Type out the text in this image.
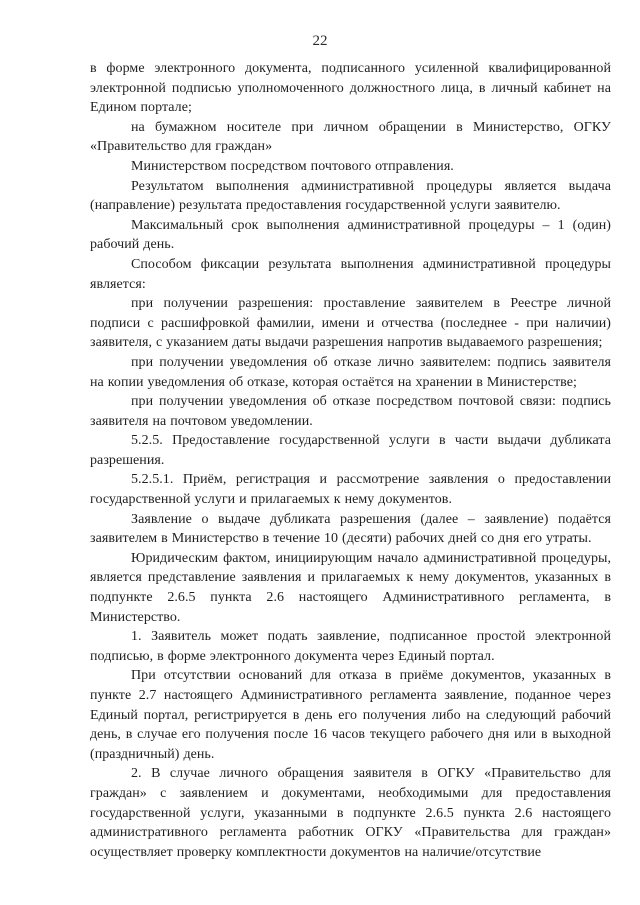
22

в форме электронного документа, подписанного усиленной квалифицированной электронной подписью уполномоченного должностного лица, в личный кабинет на Едином портале;

на бумажном носителе при личном обращении в Министерство, ОГКУ «Правительство для граждан»

Министерством посредством почтового отправления.

Результатом выполнения административной процедуры является выдача (направление) результата предоставления государственной услуги заявителю.

Максимальный срок выполнения административной процедуры – 1 (один) рабочий день.

Способом фиксации результата выполнения административной процедуры является:

при получении разрешения: проставление заявителем в Реестре личной подписи с расшифровкой фамилии, имени и отчества (последнее - при наличии) заявителя, с указанием даты выдачи разрешения напротив выдаваемого разрешения;

при получении уведомления об отказе лично заявителем: подпись заявителя на копии уведомления об отказе, которая остаётся на хранении в Министерстве;

при получении уведомления об отказе посредством почтовой связи: подпись заявителя на почтовом уведомлении.

5.2.5. Предоставление государственной услуги в части выдачи дубликата разрешения.

5.2.5.1. Приём, регистрация и рассмотрение заявления о предоставлении государственной услуги и прилагаемых к нему документов.

Заявление о выдаче дубликата разрешения (далее – заявление) подаётся заявителем в Министерство в течение 10 (десяти) рабочих дней со дня его утраты.

Юридическим фактом, инициирующим начало административной процедуры, является представление заявления и прилагаемых к нему документов, указанных в подпункте 2.6.5 пункта 2.6 настоящего Административного регламента, в Министерство.

1. Заявитель может подать заявление, подписанное простой электронной подписью, в форме электронного документа через Единый портал.

При отсутствии оснований для отказа в приёме документов, указанных в пункте 2.7 настоящего Административного регламента заявление, поданное через Единый портал, регистрируется в день его получения либо на следующий рабочий день, в случае его получения после 16 часов текущего рабочего дня или в выходной (праздничный) день.

2. В случае личного обращения заявителя в ОГКУ «Правительство для граждан» с заявлением и документами, необходимыми для предоставления государственной услуги, указанными в подпункте 2.6.5 пункта 2.6 настоящего административного регламента работник ОГКУ «Правительства для граждан» осуществляет проверку комплектности документов на наличие/отсутствие
